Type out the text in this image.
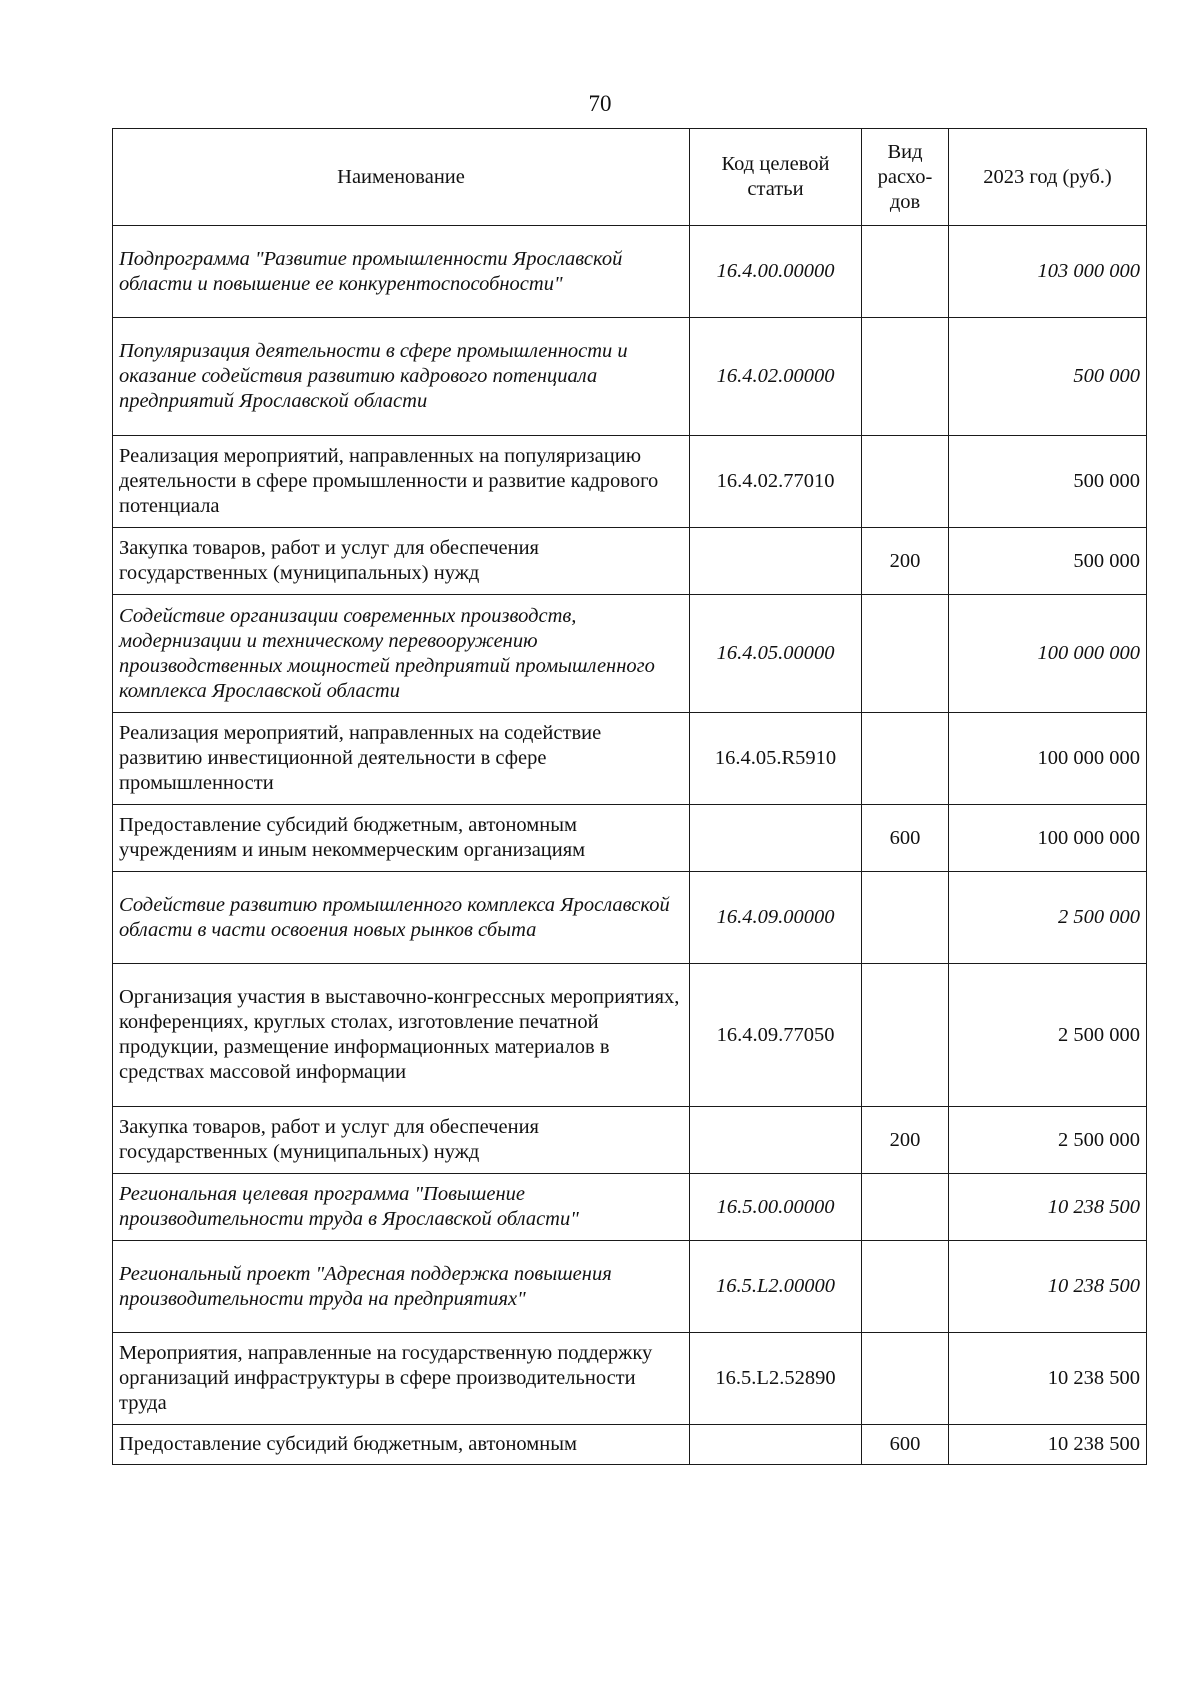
70
Наименование	Код целевой статьи	Вид расхо-дов	2023 год (руб.)
Подпрограмма "Развитие промышленности Ярославской области и повышение ее конкурентоспособности"	16.4.00.00000		103 000 000
Популяризация деятельности в сфере промышленности и оказание содействия развитию кадрового потенциала предприятий Ярославской области	16.4.02.00000		500 000
Реализация мероприятий, направленных на популяризацию деятельности в сфере промышленности и развитие кадрового потенциала	16.4.02.77010		500 000
Закупка товаров, работ и услуг для обеспечения государственных (муниципальных) нужд		200	500 000
Содействие организации современных производств, модернизации и техническому перевооружению производственных мощностей предприятий промышленного комплекса Ярославской области	16.4.05.00000		100 000 000
Реализация мероприятий, направленных на содействие развитию инвестиционной деятельности в сфере промышленности	16.4.05.R5910		100 000 000
Предоставление субсидий бюджетным, автономным учреждениям и иным некоммерческим организациям		600	100 000 000
Содействие развитию промышленного комплекса Ярославской области в части освоения новых рынков сбыта	16.4.09.00000		2 500 000
Организация участия в выставочно-конгрессных мероприятиях, конференциях, круглых столах, изготовление печатной продукции, размещение информационных материалов в средствах массовой информации	16.4.09.77050		2 500 000
Закупка товаров, работ и услуг для обеспечения государственных (муниципальных) нужд		200	2 500 000
Региональная целевая программа "Повышение производительности труда в Ярославской области"	16.5.00.00000		10 238 500
Региональный проект "Адресная поддержка повышения производительности труда на предприятиях"	16.5.L2.00000		10 238 500
Мероприятия, направленные на государственную поддержку организаций инфраструктуры в сфере производительности труда	16.5.L2.52890		10 238 500
Предоставление субсидий бюджетным, автономным		600	10 238 500
